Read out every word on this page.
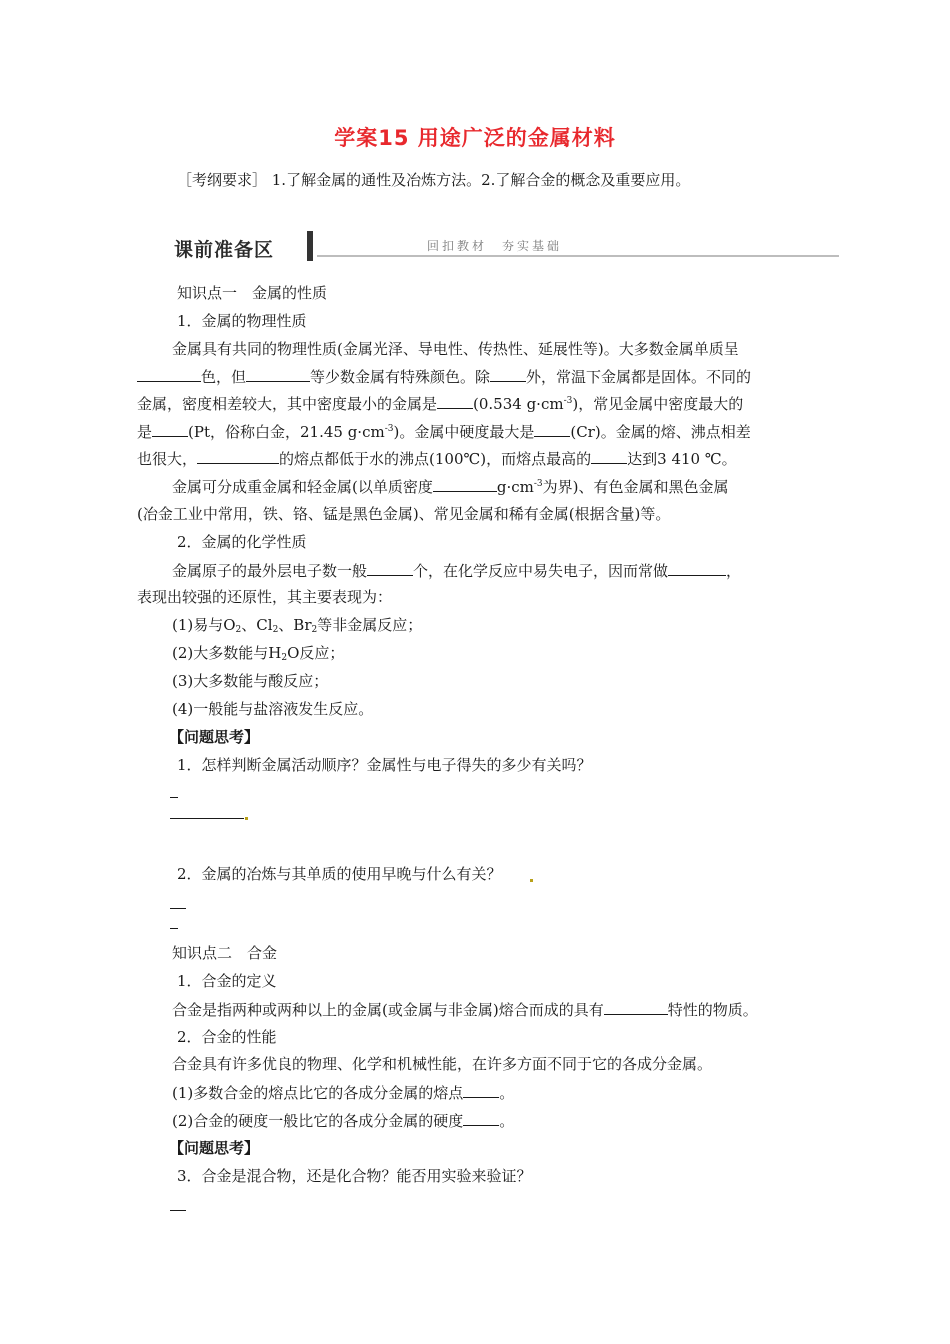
学案15 用途广泛的金属材料
［考纲要求］ 1.了解金属的通性及冶炼方法。2.了解合金的概念及重要应用。
课前准备区	回扣教材　夯实基础
知识点一　金属的性质
1．金属的物理性质
金属具有共同的物理性质(金属光泽、导电性、传热性、延展性等)。大多数金属单质呈
色，但	等少数金属有特殊颜色。除 外，常温下金属都是固体。不同的
金属，密度相差较大，其中密度最小的金属是 (0.534 $g\cdot cm^{-3}$)，常见金属中密度最大的
是 (Pt，俗称白金，21.45 $g\cdot cm^{-3}$)。金属中硬度最大是 (Cr)。金属的熔、沸点相差
也很大，	的熔点都低于水的沸点(100℃)，而熔点最高的 达到3 410 ℃。
金属可分成重金属和轻金属(以单质密度	$g\cdot cm^{-3}$为界)、有色金属和黑色金属
(冶金工业中常用，铁、铬、锰是黑色金属)、常见金属和稀有金属(根据含量)等。
2．金属的化学性质
金属原子的最外层电子数一般	个，在化学反应中易失电子，因而常做	，
表现出较强的还原性，其主要表现为：
(1)易与$O_2$、$Cl_2$、$Br_2$等非金属反应；
(2)大多数能与$H_2O$反应；
(3)大多数能与酸反应；
(4)一般能与盐溶液发生反应。
【问题思考】
1．怎样判断金属活动顺序？金属性与电子得失的多少有关吗？
2．金属的冶炼与其单质的使用早晚与什么有关？
知识点二　合金
1．合金的定义
合金是指两种或两种以上的金属(或金属与非金属)熔合而成的具有	特性的物质。
2．合金的性能
合金具有许多优良的物理、化学和机械性能，在许多方面不同于它的各成分金属。
(1)多数合金的熔点比它的各成分金属的熔点 。
(2)合金的硬度一般比它的各成分金属的硬度 。
【问题思考】
3．合金是混合物，还是化合物？能否用实验来验证？
